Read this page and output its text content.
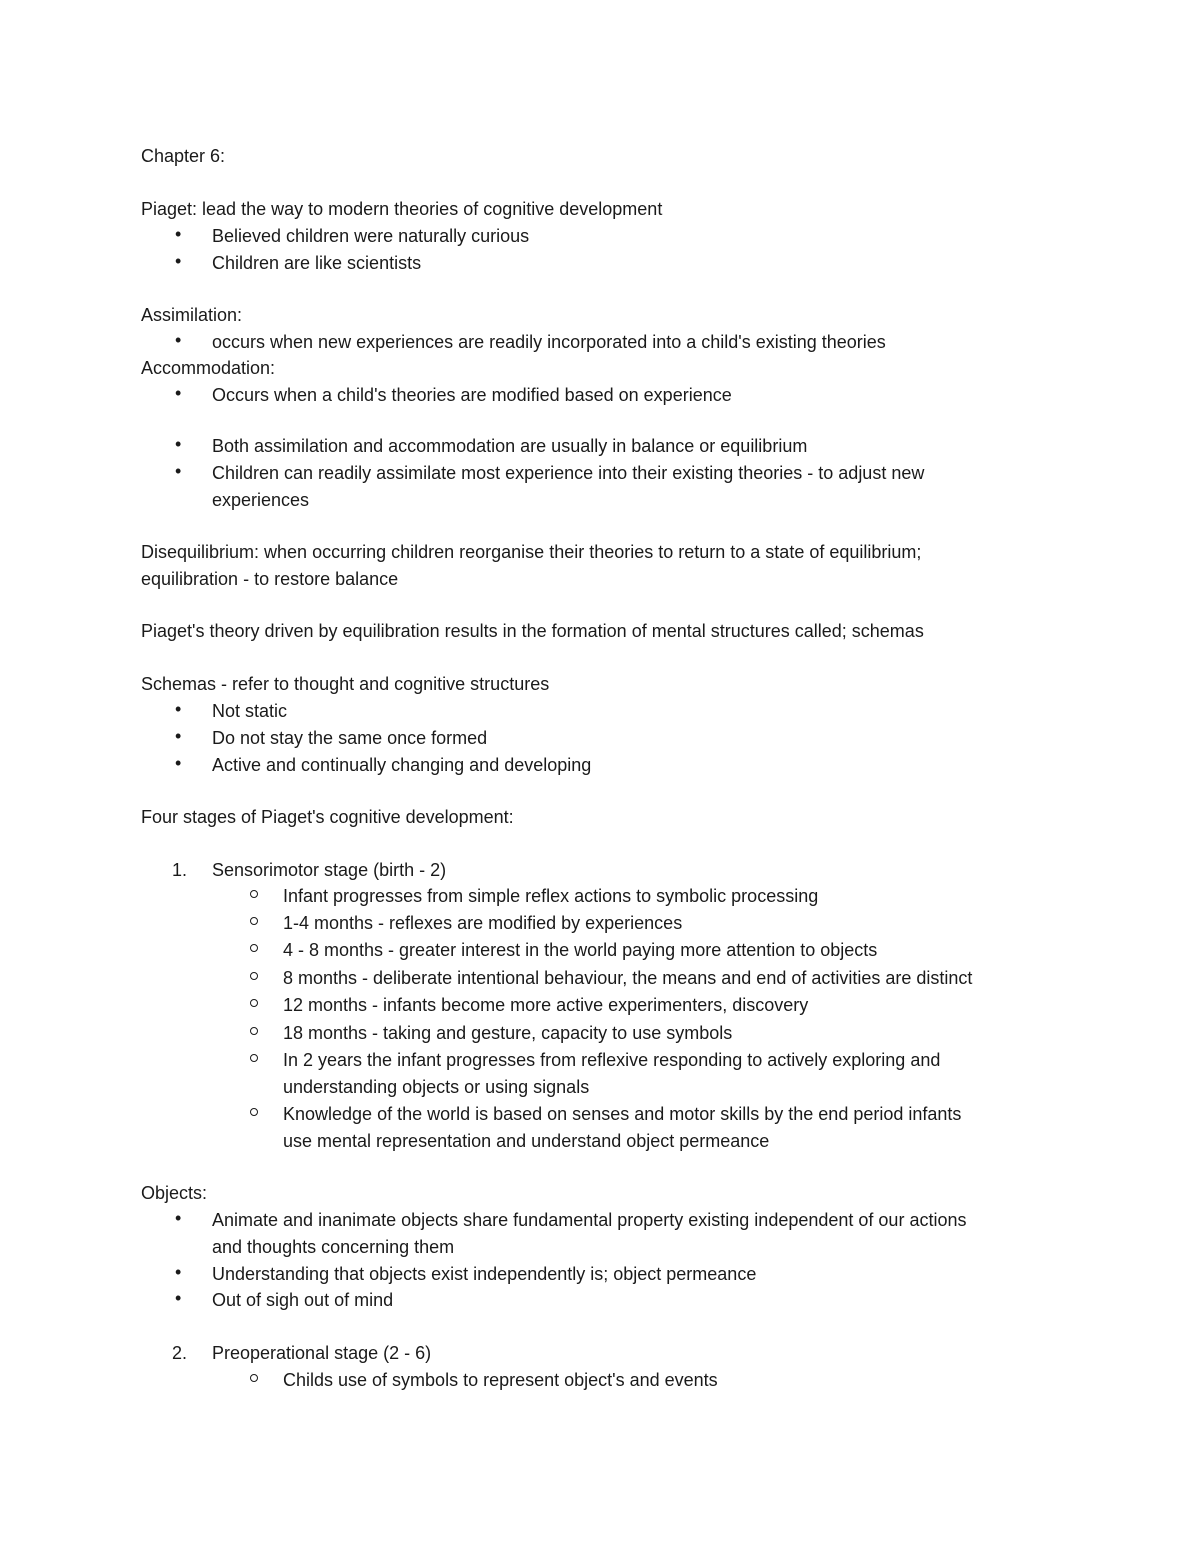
Chapter 6:
Piaget: lead the way to modern theories of cognitive development
• Believed children were naturally curious
• Children are like scientists
Assimilation:
• occurs when new experiences are readily incorporated into a child's existing theories
Accommodation:
• Occurs when a child's theories are modified based on experience
• Both assimilation and accommodation are usually in balance or equilibrium
• Children can readily assimilate most experience into their existing theories - to adjust new
experiences
Disequilibrium: when occurring children reorganise their theories to return to a state of equilibrium;
equilibration - to restore balance
Piaget's theory driven by equilibration results in the formation of mental structures called; schemas
Schemas - refer to thought and cognitive structures
• Not static
• Do not stay the same once formed
• Active and continually changing and developing
Four stages of Piaget's cognitive development:
1. Sensorimotor stage (birth - 2)
Infant progresses from simple reflex actions to symbolic processing
1-4 months - reflexes are modified by experiences
4 - 8 months - greater interest in the world paying more attention to objects
8 months - deliberate intentional behaviour, the means and end of activities are distinct
12 months - infants become more active experimenters, discovery
18 months - taking and gesture, capacity to use symbols
In 2 years the infant progresses from reflexive responding to actively exploring and
understanding objects or using signals
Knowledge of the world is based on senses and motor skills by the end period infants
use mental representation and understand object permeance
Objects:
• Animate and inanimate objects share fundamental property existing independent of our actions
and thoughts concerning them
• Understanding that objects exist independently is; object permeance
• Out of sigh out of mind
2. Preoperational stage (2 - 6)
Childs use of symbols to represent object's and events
